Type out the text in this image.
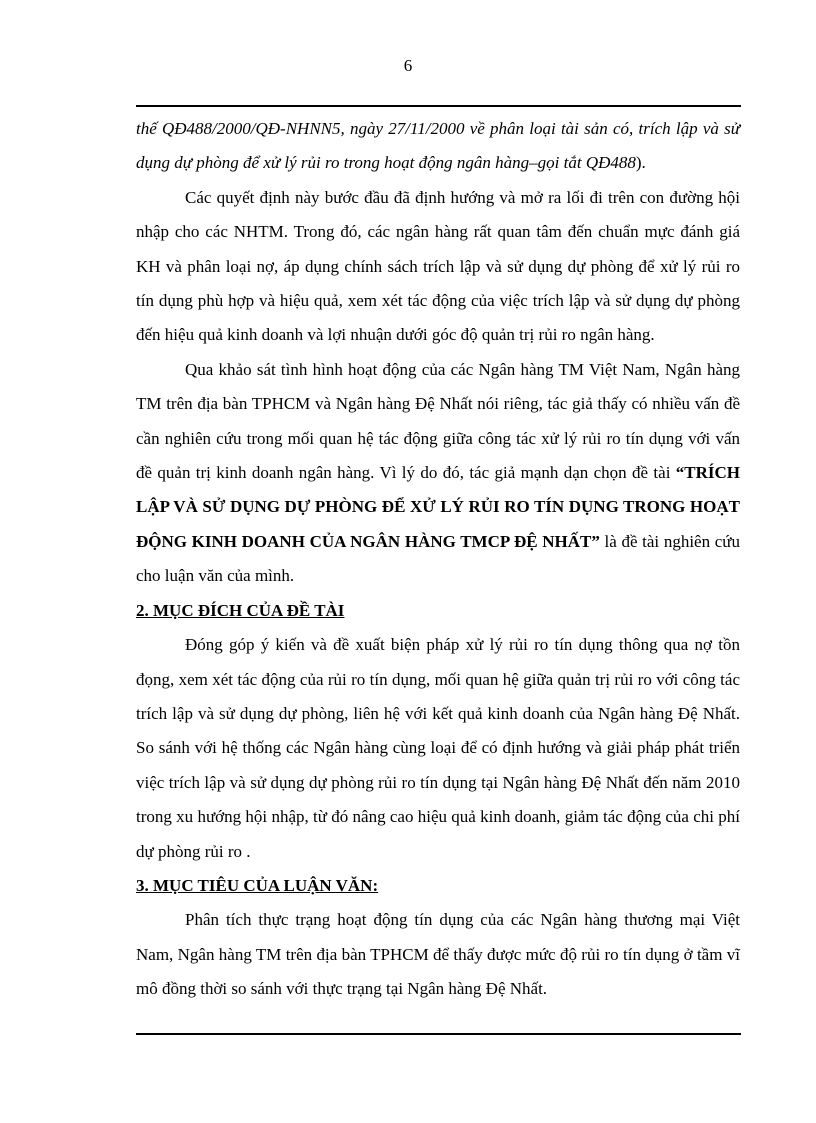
6

thế QĐ488/2000/QĐ-NHNN5, ngày 27/11/2000 về phân loại tài sản có, trích lập và sử dụng dự phòng để xử lý rủi ro trong hoạt động ngân hàng–gọi tắt QĐ488).

Các quyết định này bước đầu đã định hướng và mở ra lối đi trên con đường hội nhập cho các NHTM. Trong đó, các ngân hàng rất quan tâm đến chuẩn mực đánh giá KH và phân loại nợ, áp dụng chính sách trích lập và sử dụng dự phòng để xử lý rủi ro tín dụng phù hợp và hiệu quả, xem xét tác động của việc trích lập và sử dụng dự phòng đến hiệu quả kinh doanh và lợi nhuận dưới góc độ quản trị rủi ro ngân hàng.

Qua khảo sát tình hình hoạt động của các Ngân hàng TM Việt Nam, Ngân hàng TM trên địa bàn TPHCM và Ngân hàng Đệ Nhất nói riêng, tác giả thấy có nhiều vấn đề cần nghiên cứu trong mối quan hệ tác động giữa công tác xử lý rủi ro tín dụng với vấn đề quản trị kinh doanh ngân hàng. Vì lý do đó, tác giả mạnh dạn chọn đề tài “TRÍCH LẬP VÀ SỬ DỤNG DỰ PHÒNG ĐỂ XỬ LÝ RỦI RO TÍN DỤNG TRONG HOẠT ĐỘNG KINH DOANH CỦA NGÂN HÀNG TMCP ĐỆ NHẤT” là đề tài nghiên cứu cho luận văn của mình.

2. MỤC ĐÍCH CỦA ĐỀ TÀI

Đóng góp ý kiến và đề xuất biện pháp xử lý rủi ro tín dụng thông qua nợ tồn đọng, xem xét tác động của rủi ro tín dụng, mối quan hệ giữa quản trị rủi ro với công tác trích lập và sử dụng dự phòng, liên hệ với kết quả kinh doanh của Ngân hàng Đệ Nhất. So sánh với hệ thống các Ngân hàng cùng loại để có định hướng và giải pháp phát triển việc trích lập và sử dụng dự phòng rủi ro tín dụng tại Ngân hàng Đệ Nhất đến năm 2010 trong xu hướng hội nhập, từ đó nâng cao hiệu quả kinh doanh, giảm tác động của chi phí dự phòng rủi ro .

3. MỤC TIÊU CỦA LUẬN VĂN:

Phân tích thực trạng hoạt động tín dụng của các Ngân hàng thương mại Việt Nam, Ngân hàng TM trên địa bàn TPHCM để thấy được mức độ rủi ro tín dụng ở tầm vĩ mô đồng thời so sánh với thực trạng tại Ngân hàng Đệ Nhất.
